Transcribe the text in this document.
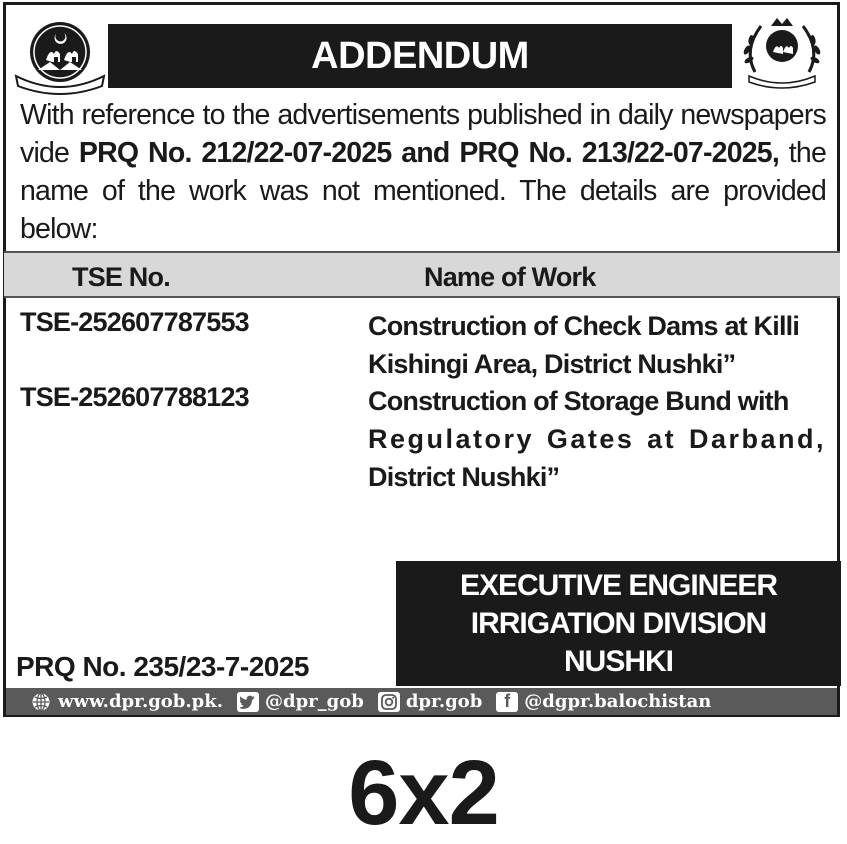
ADDENDUM
With reference to the advertisements published in daily newspapers vide PRQ No. 212/22-07-2025 and PRQ No. 213/22-07-2025, the name of the work was not mentioned. The details are provided below:
TSE No.	Name of Work
TSE-252607787553	Construction of Check Dams at Killi
Kishingi Area, District Nushki”
TSE-252607788123	Construction of Storage Bund with
Regulatory Gates at Darband,
District Nushki”
EXECUTIVE ENGINEER
IRRIGATION DIVISION
NUSHKI
PRQ No. 235/23-7-2025
www.dpr.gob.pk. @dpr_gob dpr.gob	f @dgpr.balochistan
6x2
